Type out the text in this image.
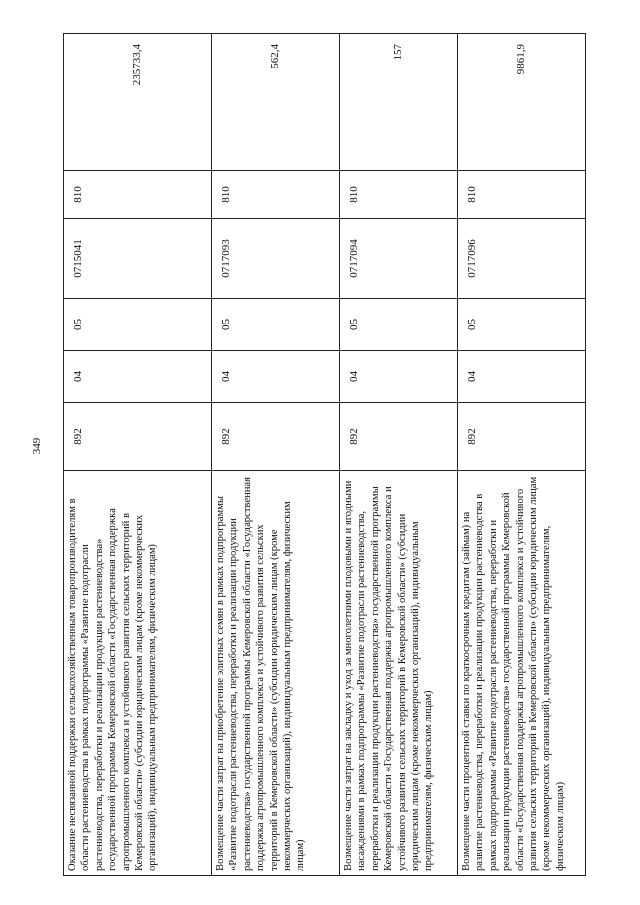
349
Оказание несвязанной поддержки сельскохозяйственным товаропроизводителям в области растениеводства в рамках подпрограммы «Развитие подотрасли растениеводства, переработки и реализации продукции растениеводства» государственной программы Кемеровской области «Государственная поддержка агропромышленного комплекса и устойчивого развития сельских территорий в Кемеровской области» (субсидии юридическим лицам (кроме некоммерческих организаций), индивидуальным предпринимателям, физическим лицам)	892	04	05	0715041	810	235733,4
Возмещение части затрат на приобретение элитных семян в рамках подпрограммы «Развитие подотрасли растениеводства, переработки и реализации продукции растениеводства» государственной программы Кемеровской области «Государственная поддержка агропромышленного комплекса и устойчивого развития сельских территорий в Кемеровской области» (субсидии юридическим лицам (кроме некоммерческих организаций), индивидуальным предпринимателям, физическим лицам)	892	04	05	0717093	810	562,4
Возмещение части затрат на закладку и уход за многолетними плодовыми и ягодными насаждениями в рамках подпрограммы «Развитие подотрасли растениеводства, переработки и реализации продукции растениеводства» государственной программы Кемеровской области «Государственная поддержка агропромышленного комплекса и устойчивого развития сельских территорий в Кемеровской области» (субсидии юридическим лицам (кроме некоммерческих организаций), индивидуальным предпринимателям, физическим лицам)	892	04	05	0717094	810	157
Возмещение части процентной ставки по краткосрочным кредитам (займам) на развитие растениеводства, переработки и реализации продукции растениеводства в рамках подпрограммы «Развитие подотрасли растениеводства, переработки и реализации продукции растениеводства» государственной программы Кемеровской области «Государственная поддержка агропромышленного комплекса и устойчивого развития сельских территорий в Кемеровской области» (субсидии юридическим лицам (кроме некоммерческих организаций), индивидуальным предпринимателям, физическим лицам)	892	04	05	0717096	810	9861,9
